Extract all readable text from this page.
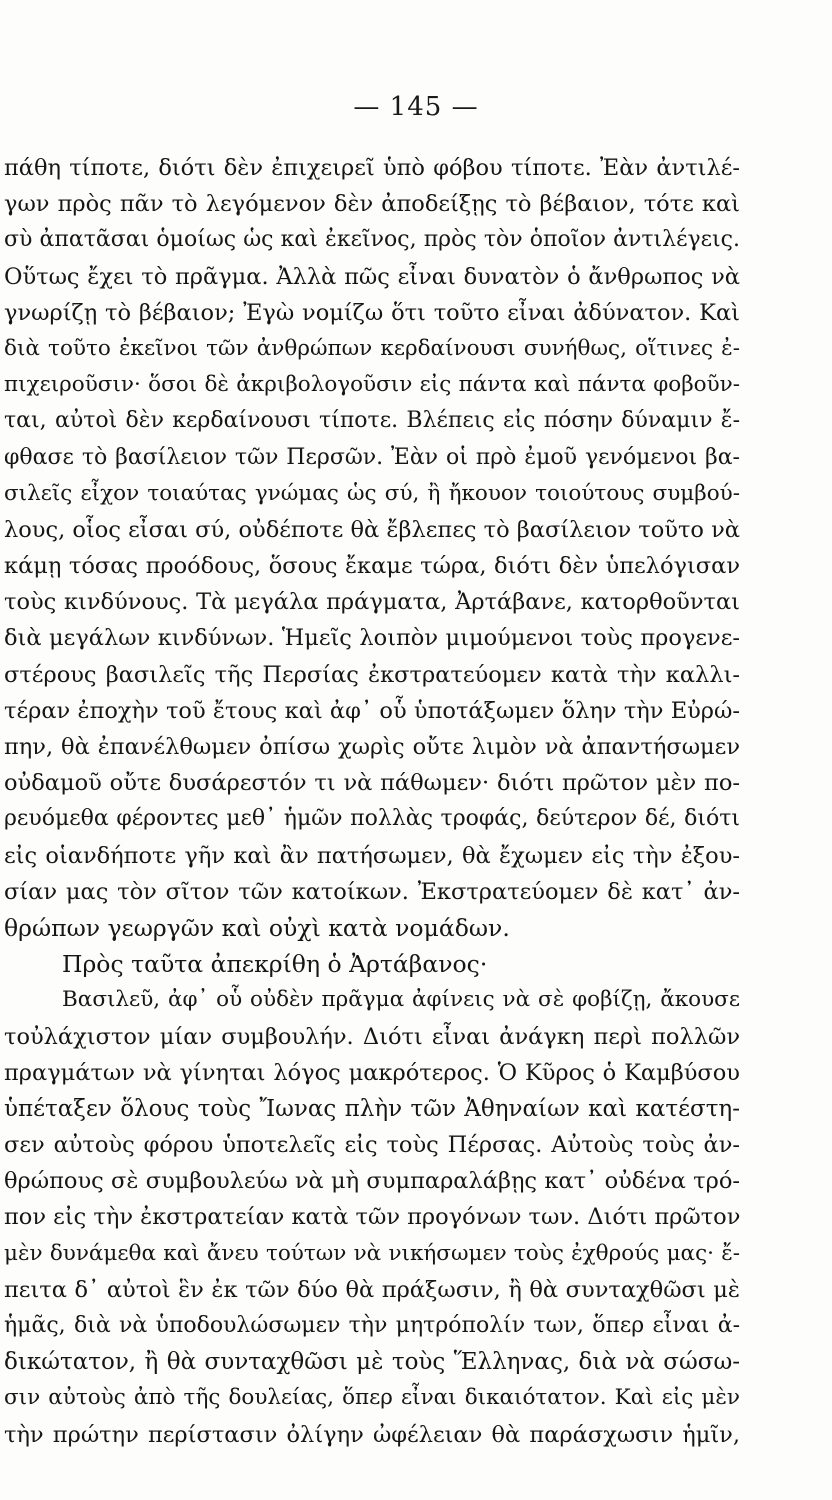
— 145 —
πάθη τίποτε, διότι δὲν ἐπιχειρεῖ ὑπὸ φόβου τίποτε. Ἐὰν ἀντιλέ-
γων πρὸς πᾶν τὸ λεγόμενον δὲν ἀποδείξῃς τὸ βέβαιον, τότε καὶ
σὺ ἀπατᾶσαι ὁμοίως ὡς καὶ ἐκεῖνος, πρὸς τὸν ὁποῖον ἀντιλέγεις.
Οὕτως ἔχει τὸ πρᾶγμα. Ἀλλὰ πῶς εἶναι δυνατὸν ὁ ἄνθρωπος νὰ
γνωρίζῃ τὸ βέβαιον; Ἐγὼ νομίζω ὅτι τοῦτο εἶναι ἀδύνατον. Καὶ
διὰ τοῦτο ἐκεῖνοι τῶν ἀνθρώπων κερδαίνουσι συνήθως, οἵτινες ἐ-
πιχειροῦσιν· ὅσοι δὲ ἀκριβολογοῦσιν εἰς πάντα καὶ πάντα φοβοῦν-
ται, αὐτοὶ δὲν κερδαίνουσι τίποτε. Βλέπεις εἰς πόσην δύναμιν ἔ-
φθασε τὸ βασίλειον τῶν Περσῶν. Ἐὰν οἱ πρὸ ἐμοῦ γενόμενοι βα-
σιλεῖς εἶχον τοιαύτας γνώμας ὡς σύ, ἢ ἤκουον τοιούτους συμβού-
λους, οἷος εἶσαι σύ, οὐδέποτε θὰ ἔβλεπες τὸ βασίλειον τοῦτο νὰ
κάμῃ τόσας προόδους, ὅσους ἔκαμε τώρα, διότι δὲν ὑπελόγισαν
τοὺς κινδύνους. Τὰ μεγάλα πράγματα, Ἀρτάβανε, κατορθοῦνται
διὰ μεγάλων κινδύνων. Ἡμεῖς λοιπὸν μιμούμενοι τοὺς προγενε-
στέρους βασιλεῖς τῆς Περσίας ἐκστρατεύομεν κατὰ τὴν καλλι-
τέραν ἐποχὴν τοῦ ἔτους καὶ ἀφ᾽ οὗ ὑποτάξωμεν ὅλην τὴν Εὐρώ-
πην, θὰ ἐπανέλθωμεν ὀπίσω χωρὶς οὔτε λιμὸν νὰ ἀπαντήσωμεν
οὐδαμοῦ οὔτε δυσάρεστόν τι νὰ πάθωμεν· διότι πρῶτον μὲν πο-
ρευόμεθα φέροντες μεθ᾽ ἡμῶν πολλὰς τροφάς, δεύτερον δέ, διότι
εἰς οἱανδήποτε γῆν καὶ ἂν πατήσωμεν, θὰ ἔχωμεν εἰς τὴν ἐξου-
σίαν μας τὸν σῖτον τῶν κατοίκων. Ἐκστρατεύομεν δὲ κατ᾽ ἀν-
θρώπων γεωργῶν καὶ οὐχὶ κατὰ νομάδων.
Πρὸς ταῦτα ἀπεκρίθη ὁ Ἀρτάβανος·
Βασιλεῦ, ἀφ᾽ οὗ οὐδὲν πρᾶγμα ἀφίνεις νὰ σὲ φοβίζῃ, ἄκουσε
τοὐλάχιστον μίαν συμβουλήν. Διότι εἶναι ἀνάγκη περὶ πολλῶν
πραγμάτων νὰ γίνηται λόγος μακρότερος. Ὁ Κῦρος ὁ Καμβύσου
ὑπέταξεν ὅλους τοὺς Ἴωνας πλὴν τῶν Ἀθηναίων καὶ κατέστη-
σεν αὐτοὺς φόρου ὑποτελεῖς εἰς τοὺς Πέρσας. Αὐτοὺς τοὺς ἀν-
θρώπους σὲ συμβουλεύω νὰ μὴ συμπαραλάβῃς κατ᾽ οὐδένα τρό-
πον εἰς τὴν ἐκστρατείαν κατὰ τῶν προγόνων των. Διότι πρῶτον
μὲν δυνάμεθα καὶ ἄνευ τούτων νὰ νικήσωμεν τοὺς ἐχθρούς μας· ἔ-
πειτα δ᾽ αὐτοὶ ἓν ἐκ τῶν δύο θὰ πράξωσιν, ἢ θὰ συνταχθῶσι μὲ
ἡμᾶς, διὰ νὰ ὑποδουλώσωμεν τὴν μητρόπολίν των, ὅπερ εἶναι ἀ-
δικώτατον, ἢ θὰ συνταχθῶσι μὲ τοὺς Ἕλληνας, διὰ νὰ σώσω-
σιν αὐτοὺς ἀπὸ τῆς δουλείας, ὅπερ εἶναι δικαιότατον. Καὶ εἰς μὲν
τὴν πρώτην περίστασιν ὀλίγην ὠφέλειαν θὰ παράσχωσιν ἡμῖν,
